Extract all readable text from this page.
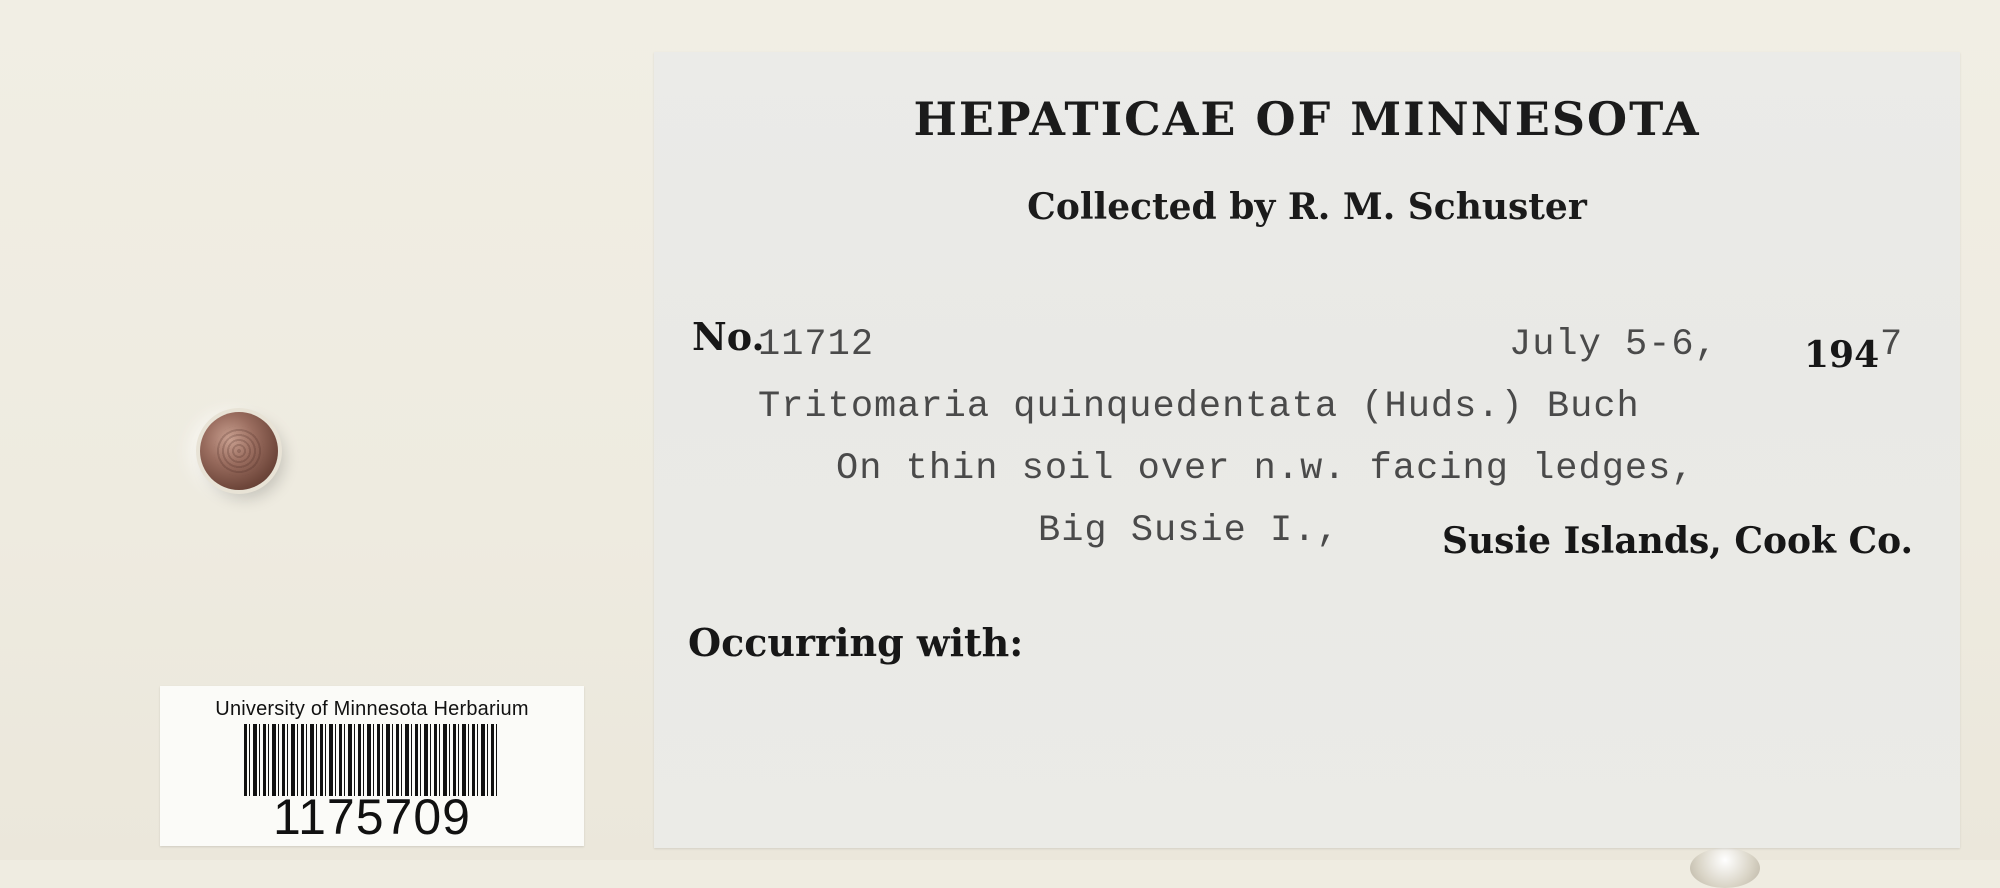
University of Minnesota Herbarium
1175709
HEPATICAE OF MINNESOTA
Collected by R. M. Schuster
No.
11712	July 5-6, 194 7
Tritomaria quinquedentata (Huds.) Buch
On thin soil over n.w. facing ledges,
Big Susie I.,	Susie Islands, Cook Co.
Occurring with:
